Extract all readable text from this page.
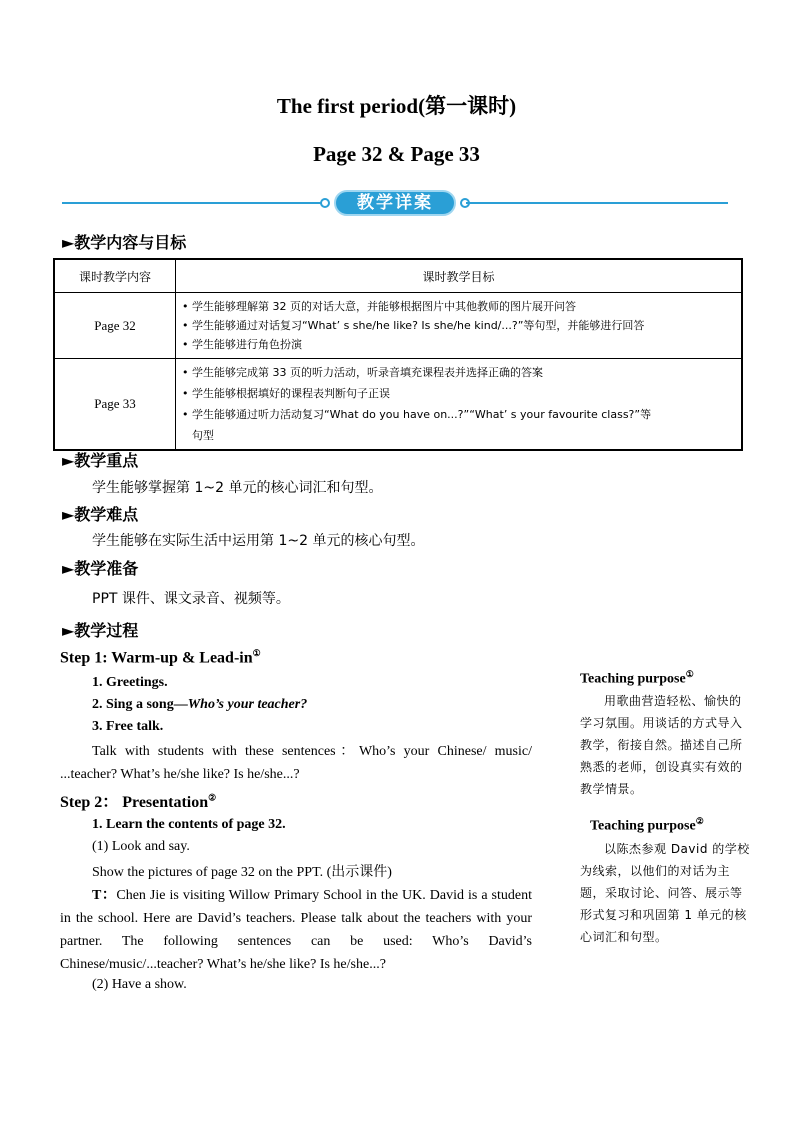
The first period(第一课时)
Page 32 & Page 33
教学详案
►教学内容与目标
课时教学内容	课时教学目标
Page 32	• 学生能够理解第 32 页的对话大意，并能够根据图片中其他教师的图片展开问答
• 学生能够通过对话复习“What’ s she/he like? Is she/he kind/...?”等句型，并能够进行回答
• 学生能够进行角色扮演

Page 33	• 学生能够完成第 33 页的听力活动，听录音填充课程表并选择正确的答案
• 学生能够根据填好的课程表判断句子正误
• 学生能够通过听力活动复习“What do you have on...?”“What’ s your favourite class?”等
句型
►教学重点
学生能够掌握第 1~2 单元的核心词汇和句型。
►教学难点
学生能够在实际生活中运用第 1~2 单元的核心句型。
►教学准备
PPT 课件、课文录音、视频等。
►教学过程
Step 1: Warm-up & Lead-in①
1. Greetings.
2. Sing a song—Who’s your teacher?
3. Free talk.
Talk with students with these sentences：Who’s your Chinese/ music/ ...teacher? What’s he/she like? Is he/she...?
Step 2： Presentation②
1. Learn the contents of page 32.
(1) Look and say.
Show the pictures of page 32 on the PPT. (出示课件)
T：Chen Jie is visiting Willow Primary School in the UK. David is a student in the school. Here are David’s teachers. Please talk about the teachers with your partner. The following sentences can be used: Who’s David’s Chinese/music/...teacher? What’s he/she like? Is he/she...?
(2) Have a show.
Teaching purpose①
用歌曲营造轻松、愉快的学习氛围。用谈话的方式导入教学，衔接自然。描述自己所熟悉的老师，创设真实有效的教学情景。
Teaching purpose②
以陈杰参观 David 的学校为线索，以他们的对话为主题，采取讨论、问答、展示等形式复习和巩固第 1 单元的核心词汇和句型。
